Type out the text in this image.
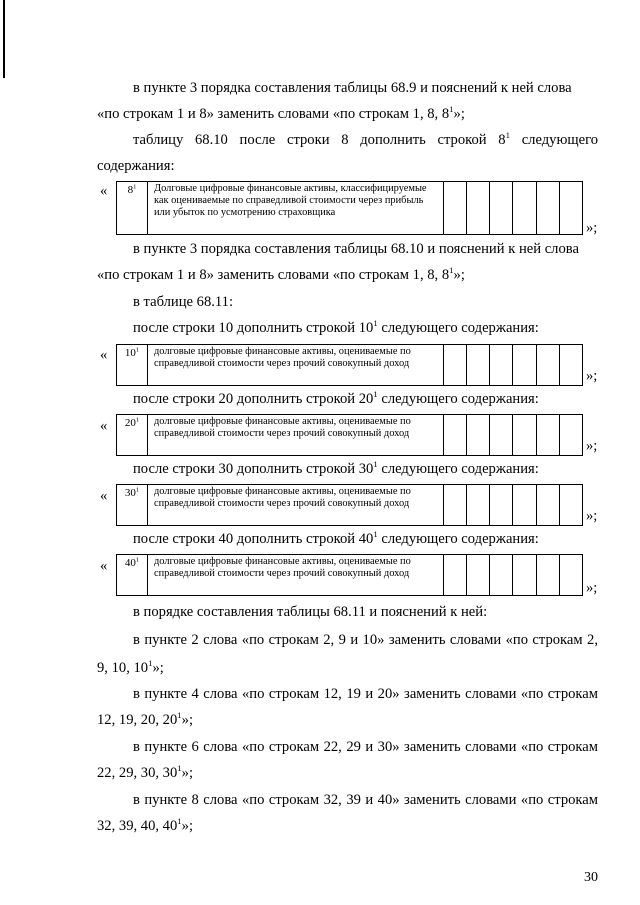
в пункте 3 порядка составления таблицы 68.9 и пояснений к ней слова
«по строкам 1 и 8» заменить словами «по строкам 1, 8, $8^1$»;
таблицу 68.10 после строки 8 дополнить строкой $8^1$ следующего
содержания:
« $8^1$	Долговые цифровые финансовые активы, классифицируемые как оцениваемые по справедливой стоимости через прибыль или убыток по усмотрению страховщика						
»;
в пункте 3 порядка составления таблицы 68.10 и пояснений к ней слова
«по строкам 1 и 8» заменить словами «по строкам 1, 8, $8^1$»;
в таблице 68.11:
после строки 10 дополнить строкой $10^1$ следующего содержания:
« $10^1$	долговые цифровые финансовые активы, оцениваемые по справедливой стоимости через прочий совокупный доход						
»;
после строки 20 дополнить строкой $20^1$ следующего содержания:
« $20^1$	долговые цифровые финансовые активы, оцениваемые по справедливой стоимости через прочий совокупный доход						
»;
после строки 30 дополнить строкой $30^1$ следующего содержания:
« $30^1$	долговые цифровые финансовые активы, оцениваемые по справедливой стоимости через прочий совокупный доход						
»;
после строки 40 дополнить строкой $40^1$ следующего содержания:
« $40^1$	долговые цифровые финансовые активы, оцениваемые по справедливой стоимости через прочий совокупный доход						
»;
в порядке составления таблицы 68.11 и пояснений к ней:
в пункте 2 слова «по строкам 2, 9 и 10» заменить словами «по строкам 2,
9, 10, $10^1$»;
в пункте 4 слова «по строкам 12, 19 и 20» заменить словами «по строкам
12, 19, 20, $20^1$»;
в пункте 6 слова «по строкам 22, 29 и 30» заменить словами «по строкам
22, 29, 30, $30^1$»;
в пункте 8 слова «по строкам 32, 39 и 40» заменить словами «по строкам
32, 39, 40, $40^1$»;
30
